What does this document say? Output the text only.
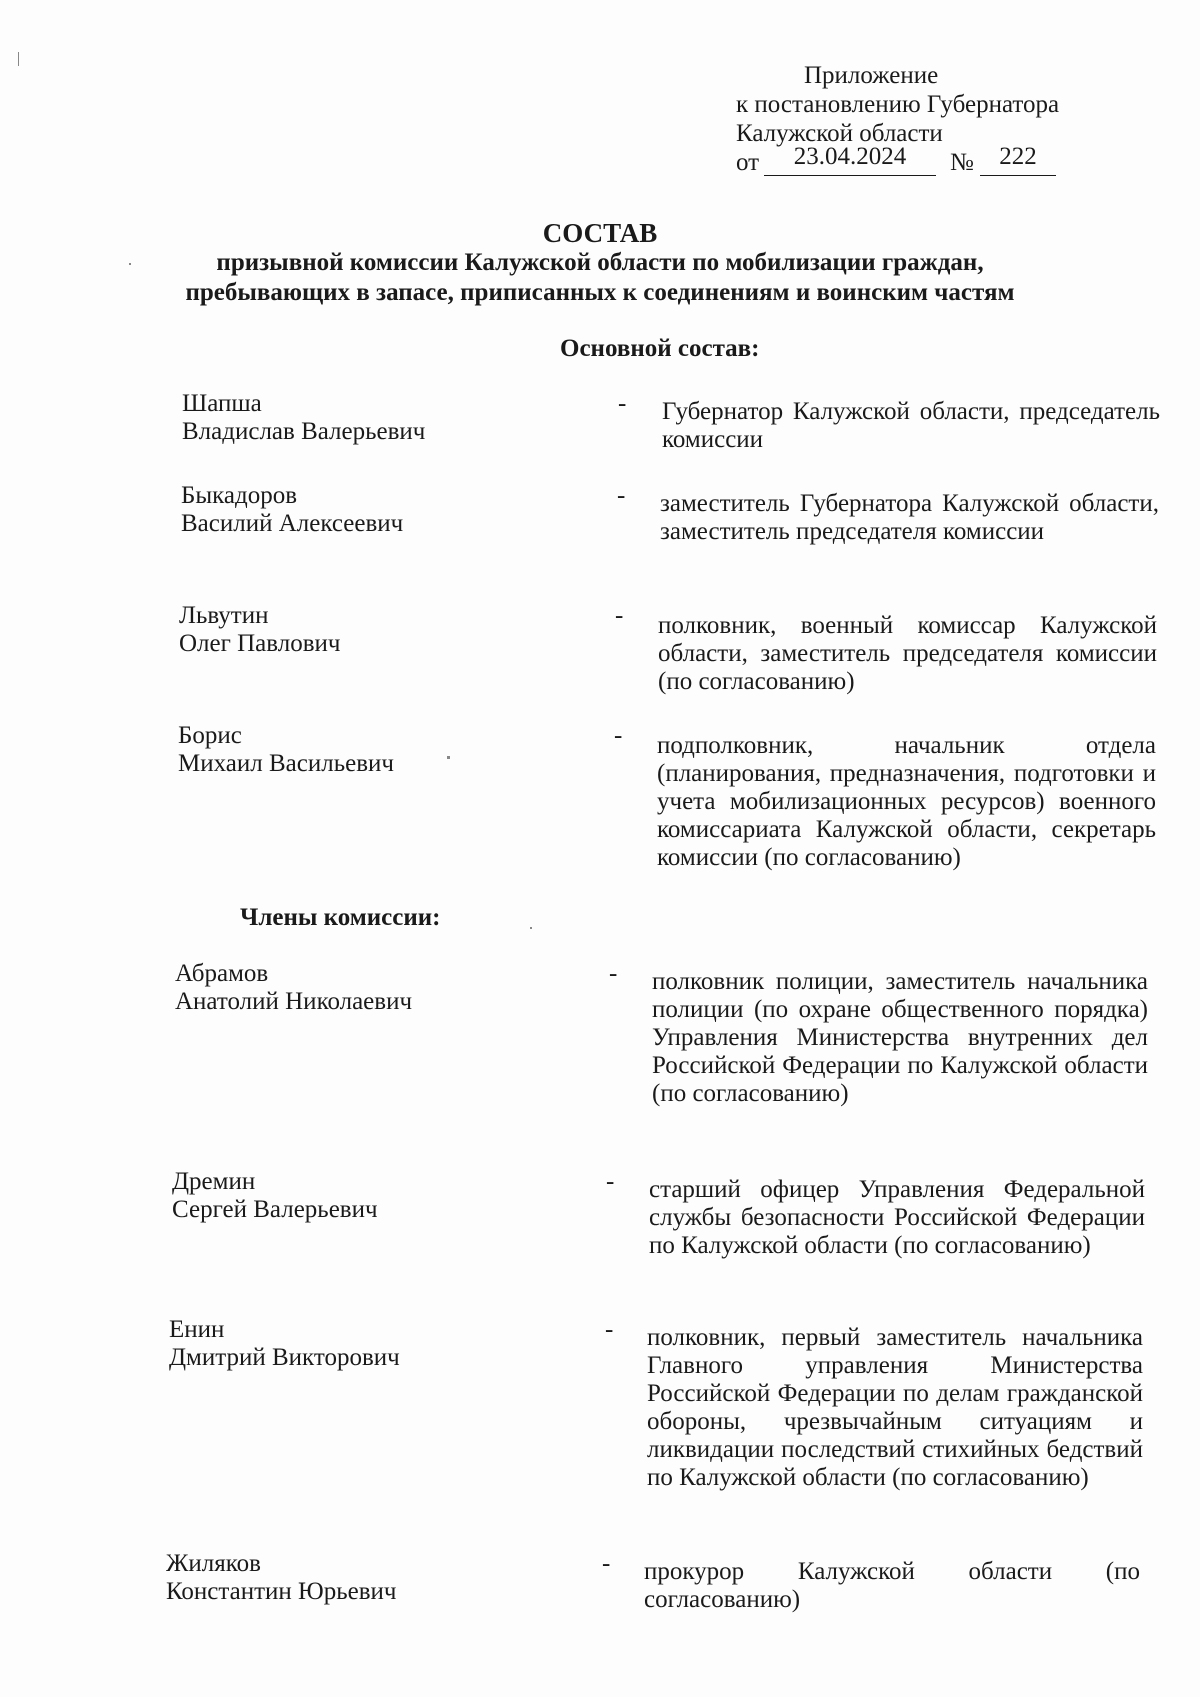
Приложение
к постановлению Губернатора
Калужской области
от	23.04.2024	№	222
СОСТАВ
призывной комиссии Калужской области по мобилизации граждан,
пребывающих в запасе, приписанных к соединениям и воинским частям
Основной состав:
Шапша
Владислав Валерьевич
- Губернатор Калужской области, председатель комиссии
Быкадоров
Василий Алексеевич
- заместитель Губернатора Калужской области, заместитель председателя комиссии
Львутин
Олег Павлович
- полковник, военный комиссар Калужской области, заместитель председателя комиссии (по согласованию)
Борис
Михаил Васильевич
- подполковник, начальник отдела (планирования, предназначения, подготовки и учета мобилизационных ресурсов) военного комиссариата Калужской области, секретарь комиссии (по согласованию)
Члены комиссии:
Абрамов
Анатолий Николаевич
- полковник полиции, заместитель начальника полиции (по охране общественного порядка) Управления Министерства внутренних дел Российской Федерации по Калужской области (по согласованию)
Дремин
Сергей Валерьевич
- старший офицер Управления Федеральной службы безопасности Российской Федерации по Калужской области (по согласованию)
Енин
Дмитрий Викторович
- полковник, первый заместитель начальника Главного управления Министерства Российской Федерации по делам гражданской обороны, чрезвычайным ситуациям и ликвидации последствий стихийных бедствий по Калужской области (по согласованию)
Жиляков
Константин Юрьевич
- прокурор Калужской области (по согласованию)
